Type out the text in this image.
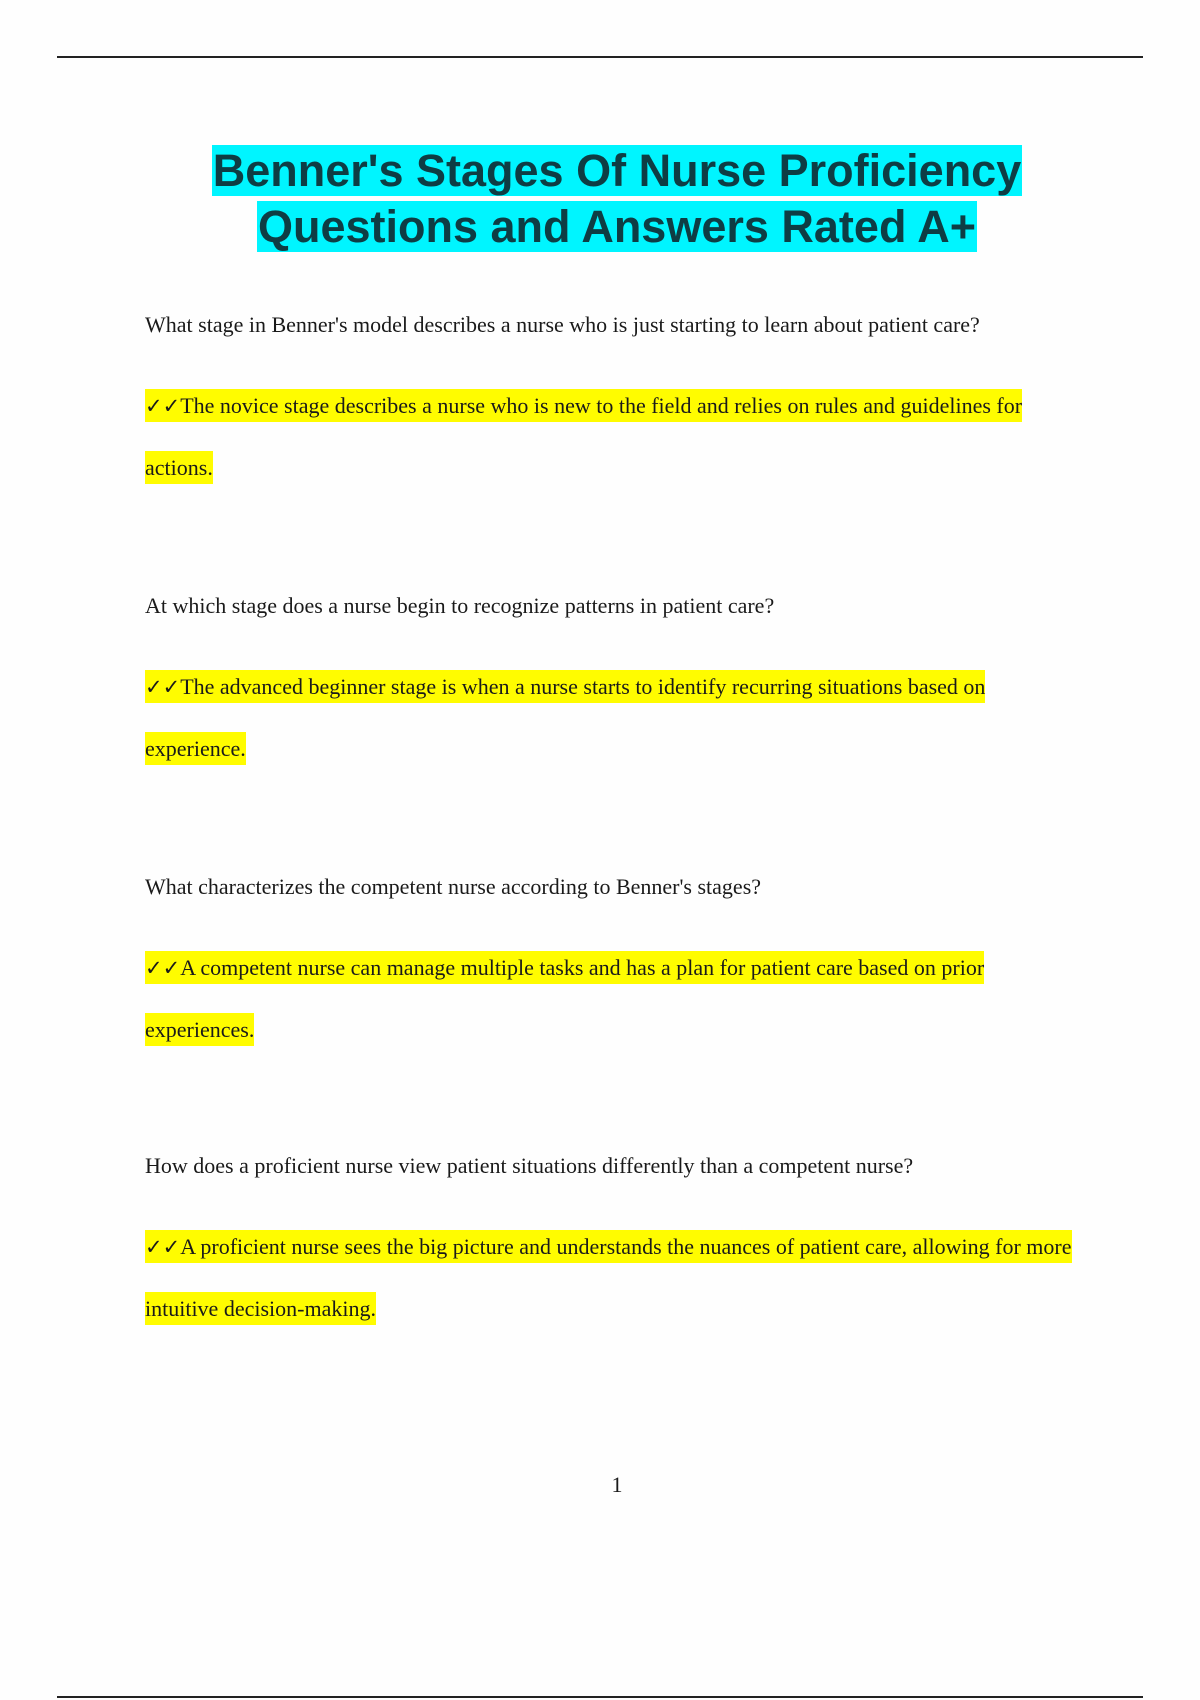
Benner's Stages Of Nurse Proficiency
Questions and Answers Rated A+

What stage in Benner's model describes a nurse who is just starting to learn about patient care?

✓✓The novice stage describes a nurse who is new to the field and relies on rules and guidelines for actions.

At which stage does a nurse begin to recognize patterns in patient care?

✓✓The advanced beginner stage is when a nurse starts to identify recurring situations based on experience.

What characterizes the competent nurse according to Benner's stages?

✓✓A competent nurse can manage multiple tasks and has a plan for patient care based on prior experiences.

How does a proficient nurse view patient situations differently than a competent nurse?

✓✓A proficient nurse sees the big picture and understands the nuances of patient care, allowing for more intuitive decision-making.

1
